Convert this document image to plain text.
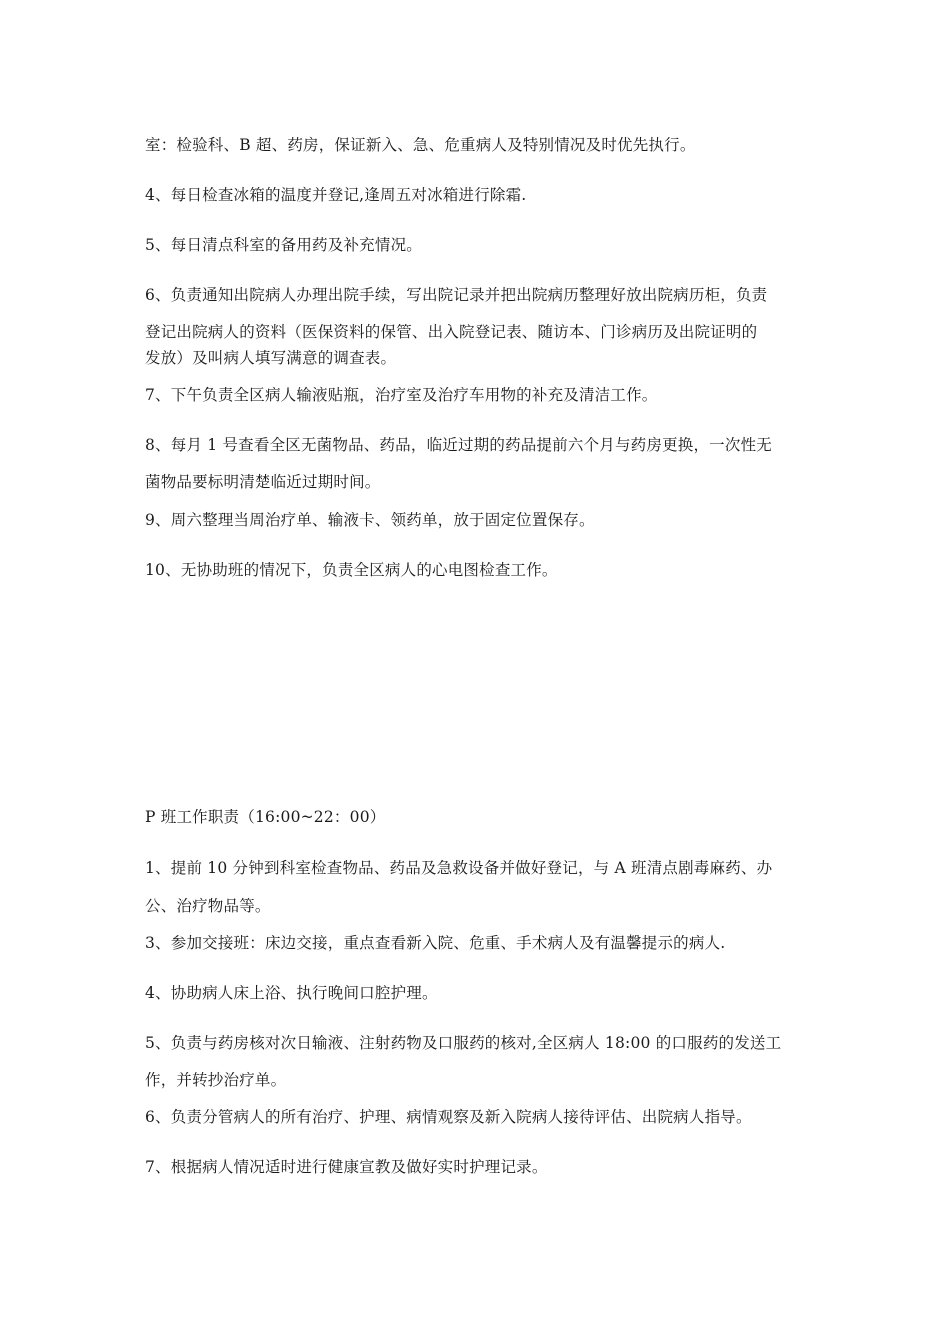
室：检验科、B 超、药房，保证新入、急、危重病人及特别情况及时优先执行。

4、每日检查冰箱的温度并登记,逢周五对冰箱进行除霜.

5、每日清点科室的备用药及补充情况。

6、负责通知出院病人办理出院手续，写出院记录并把出院病历整理好放出院病历柜，负责

登记出院病人的资料（医保资料的保管、出入院登记表、随访本、门诊病历及出院证明的

发放）及叫病人填写满意的调查表。

7、下午负责全区病人输液贴瓶，治疗室及治疗车用物的补充及清洁工作。

8、每月 1 号查看全区无菌物品、药品，临近过期的药品提前六个月与药房更换，一次性无

菌物品要标明清楚临近过期时间。

9、周六整理当周治疗单、输液卡、领药单，放于固定位置保存。

10、无协助班的情况下，负责全区病人的心电图检查工作。

P 班工作职责（16:00~22：00）

1、提前 10 分钟到科室检查物品、药品及急救设备并做好登记，与 A 班清点剧毒麻药、办

公、治疗物品等。

3、参加交接班：床边交接，重点查看新入院、危重、手术病人及有温馨提示的病人.

4、协助病人床上浴、执行晚间口腔护理。

5、负责与药房核对次日输液、注射药物及口服药的核对,全区病人 18:00 的口服药的发送工

作，并转抄治疗单。

6、负责分管病人的所有治疗、护理、病情观察及新入院病人接待评估、出院病人指导。

7、根据病人情况适时进行健康宣教及做好实时护理记录。
